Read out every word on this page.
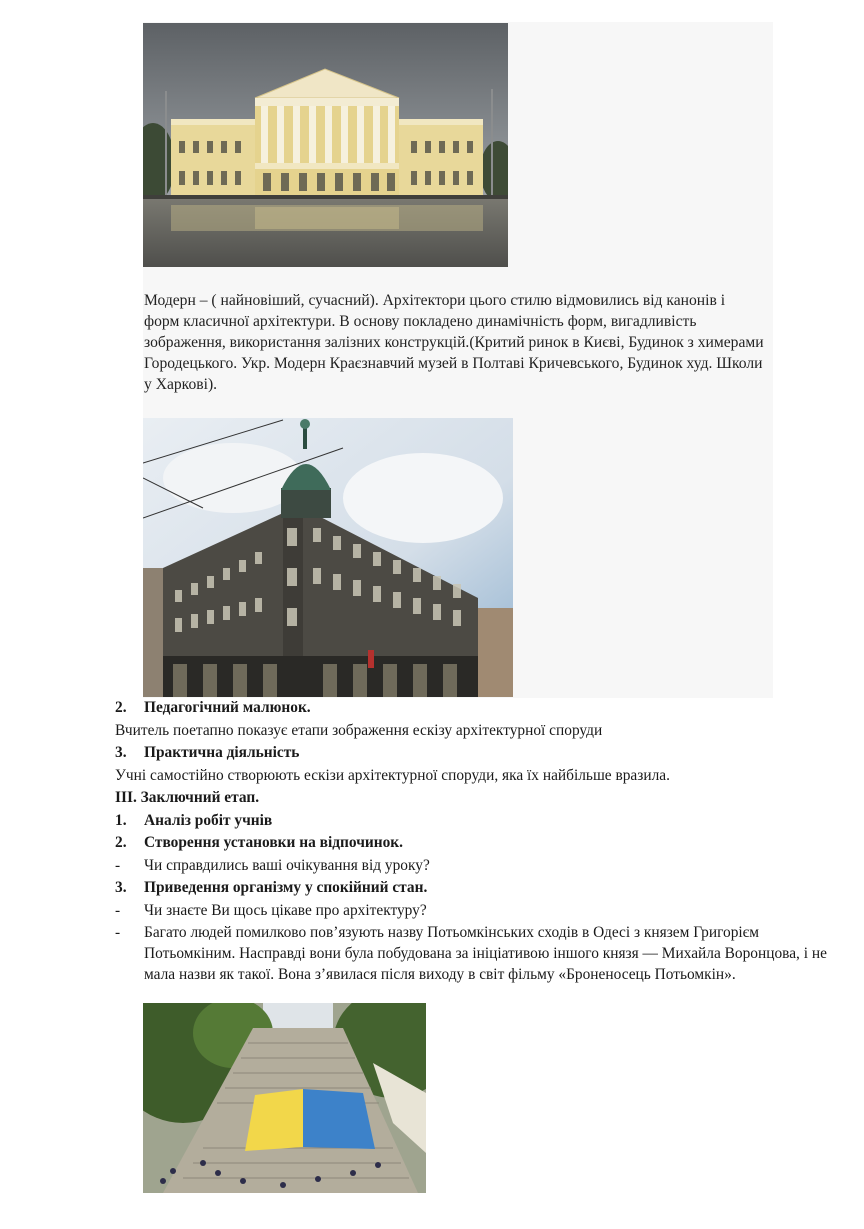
Модерн – ( найновіший, сучасний). Архітектори цього стилю відмовились від канонів і форм класичної архітектури. В основу покладено динамічність форм, вигадливість зображення, використання залізних конструкцій.(Критий ринок в Києві, Будинок з химерами Городецького. Укр. Модерн Краєзнавчий музей в Полтаві Кричевського, Будинок худ. Школи у Харкові).
2. Педагогічний малюнок.
Вчитель поетапно показує етапи зображення ескізу архітектурної споруди
3. Практична діяльність
Учні самостійно створюють ескізи архітектурної споруди, яка їх найбільше вразила.
III. Заключний етап.
1. Аналіз робіт учнів
2. Створення установки на відпочинок.
- Чи справдились ваші очікування від уроку?
3. Приведення організму у спокійний стан.
- Чи знаєте Ви щось цікаве про архітектуру?
-	Багато людей помилково пов’язують назву Потьомкінських сходів в Одесі з князем Григорієм Потьомкіним. Насправді вони була побудована за ініціативою іншого князя — Михайла Воронцова, і не мала назви як такої. Вона з’явилася після виходу в світ фільму «Броненосець Потьомкін».
